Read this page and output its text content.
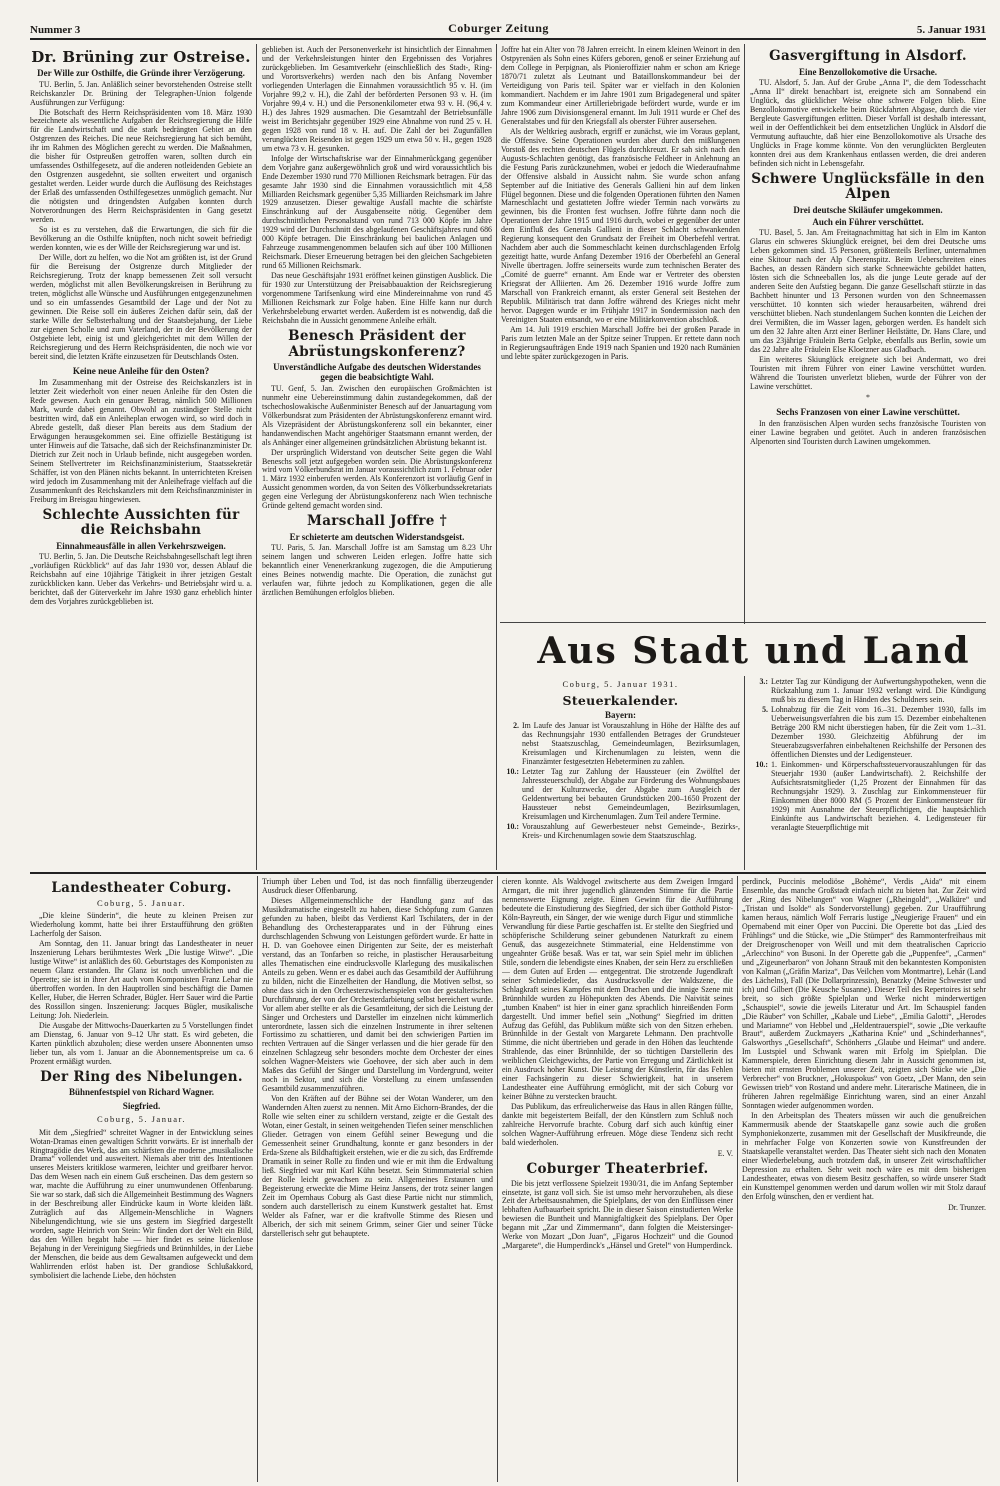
Nummer 3	Coburger Zeitung	5. Januar 1931
Dr. Brüning zur Ostreise.
Der Wille zur Osthilfe, die Gründe ihrer Verzögerung.

TU. Berlin, 5. Jan. Anläßlich seiner bevorstehenden Ostreise stellt Reichskanzler Dr. Brüning der Telegraphen-Union folgende Ausführungen zur Verfügung:

Die Botschaft des Herrn Reichspräsidenten vom 18. März 1930 bezeichnete als wesentliche Aufgaben der Reichsregierung die Hilfe für die Landwirtschaft und die stark bedrängten Gebiet an den Ostgrenzen des Reiches. Die neue Reichsregierung hat sich bemüht, ihr im Rahmen des Möglichen gerecht zu werden. Die Maßnahmen, die bisher für Ostpreußen getroffen waren, sollten durch ein umfassendes Osthilfegesetz, auf die anderen notleidenden Gebiete an den Ostgrenzen ausgedehnt, sie sollten erweitert und organisch gestaltet werden. Leider wurde durch die Auflösung des Reichstages der Erlaß des umfassenden Osthilfegesetzes unmöglich gemacht. Nur die nötigsten und dringendsten Aufgaben konnten durch Notverordnungen des Herrn Reichspräsidenten in Gang gesetzt werden.

So ist es zu verstehen, daß die Erwartungen, die sich für die Bevölkerung an die Osthilfe knüpften, noch nicht soweit befriedigt werden konnten, wie es der Wille der Reichsregierung war und ist.

Der Wille, dort zu helfen, wo die Not am größten ist, ist der Grund für die Bereisung der Ostgrenze durch Mitglieder der Reichsregierung. Trotz der knapp bemessenen Zeit soll versucht werden, möglichst mit allen Bevölkerungskreisen in Berührung zu treten, möglichst alle Wünsche und Ausführungen entgegenzunehmen und so ein umfassendes Gesamtbild der Lage und der Not zu gewinnen. Die Reise soll ein äußeres Zeichen dafür sein, daß der starke Wille der Selbsterhaltung und der Staatsbejahung, der Liebe zur eigenen Scholle und zum Vaterland, der in der Bevölkerung der Ostgebiete lebt, einig ist und gleichgerichtet mit dem Willen der Reichsregierung und des Herrn Reichspräsidenten, die noch wie vor bereit sind, die letzten Kräfte einzusetzen für Deutschlands Osten.

Keine neue Anleihe für den Osten?

Im Zusammenhang mit der Ostreise des Reichskanzlers ist in letzter Zeit wiederholt von einer neuen Anleihe für den Osten die Rede gewesen. Auch ein genauer Betrag, nämlich 500 Millionen Mark, wurde dabei genannt. Obwohl an zuständiger Stelle nicht bestritten wird, daß ein Anleiheplan erwogen wird, so wird doch in Abrede gestellt, daß dieser Plan bereits aus dem Stadium der Erwägungen herausgekommen sei. Eine offizielle Bestätigung ist unter Hinweis auf die Tatsache, daß sich der Reichsfinanzminister Dr. Dietrich zur Zeit noch in Urlaub befinde, nicht ausgegeben worden. Seinem Stellvertreter im Reichsfinanzministerium, Staatssekretär Schäffer, ist von den Plänen nichts bekannt. In unterrichteten Kreisen wird jedoch im Zusammenhang mit der Anleihefrage vielfach auf die Zusammenkunft des Reichskanzlers mit dem Reichsfinanzminister in Freiburg im Breisgau hingewiesen.

Schlechte Aussichten für die Reichsbahn
Einnahmeausfälle in allen Verkehrszweigen.

TU. Berlin, 5. Jan. Die Deutsche Reichsbahngesellschaft legt ihren „vorläufigen Rückblick“ auf das Jahr 1930 vor, dessen Ablauf die Reichsbahn auf eine 10jährige Tätigkeit in ihrer jetzigen Gestalt zurückblicken kann. Ueber das Verkehrs- und Betriebsjahr wird u. a. berichtet, daß der Güterverkehr im Jahre 1930 ganz erheblich hinter dem des Vorjahres zurückgeblieben ist.

geblieben ist. Auch der Personenverkehr ist hinsichtlich der Einnahmen und der Verkehrsleistungen hinter den Ergebnissen des Vorjahres zurückgeblieben. Im Gesamtverkehr (einschließlich des Stadt-, Ring- und Vorortsverkehrs) werden nach den bis Anfang November vorliegenden Unterlagen die Einnahmen voraussichtlich 95 v. H. (im Vorjahre 99,2 v. H.), die Zahl der beförderten Personen 93 v. H. (im Vorjahre 99,4 v. H.) und die Personenkilometer etwa 93 v. H. (96,4 v. H.) des Jahres 1929 ausmachen. Die Gesamtzahl der Betriebsunfälle weist im Berichtsjahr gegenüber 1929 eine Abnahme von rund 25 v. H. gegen 1928 von rund 18 v. H. auf. Die Zahl der bei Zugunfällen verunglückten Reisenden ist gegen 1929 um etwa 50 v. H., gegen 1928 um etwa 73 v. H. gesunken.

Infolge der Wirtschaftskrise war der Einnahmerückgang gegenüber dem Vorjahre ganz außergewöhnlich groß und wird voraussichtlich bis Ende Dezember 1930 rund 770 Millionen Reichsmark betragen. Für das gesamte Jahr 1930 sind die Einnahmen voraussichtlich mit 4,58 Milliarden Reichsmark gegenüber 5,35 Milliarden Reichsmark im Jahre 1929 anzusetzen. Dieser gewaltige Ausfall machte die schärfste Einschränkung auf der Ausgabenseite nötig. Gegenüber dem durchschnittlichen Personalstand von rund 713 000 Köpfe im Jahre 1929 wird der Durchschnitt des abgelaufenen Geschäftsjahres rund 686 000 Köpfe betragen. Die Einschränkung bei baulichen Anlagen und Fahrzeuge zusammengenommen belaufen sich auf über 100 Millionen Reichsmark. Dieser Erneuerung betragen bei den gleichen Sachgebieten rund 65 Millionen Reichsmark.

Das neue Geschäftsjahr 1931 eröffnet keinen günstigen Ausblick. Die für 1930 zur Unterstützung der Preisabbauaktion der Reichsregierung vorgenommene Tarifsenkung wird eine Mindereinnahme von rund 45 Millionen Reichsmark zur Folge haben. Eine Hilfe kann nur durch Verkehrsbelebung erwartet werden. Außerdem ist es notwendig, daß die Reichsbahn die in Aussicht genommene Anleihe erhält.

Benesch Präsident der Abrüstungskonferenz?
Unverständliche Aufgabe des deutschen Widerstandes gegen die beabsichtigte Wahl.

TU. Genf, 5. Jan. Zwischen den europäischen Großmächten ist nunmehr eine Uebereinstimmung dahin zustandegekommen, daß der tschechoslowakische Außenminister Benesch auf der Januartagung vom Völkerbundsrat zum Präsidenten der Abrüstungskonferenz ernannt wird. Als Vizepräsident der Abrüstungskonferenz soll ein bekannter, einer handanwendischen Macht angehöriger Staatsmann ernannt werden, der als Anhänger einer allgemeinen gründsätzlichen Abrüstung bekannt ist.

Der ursprünglich Widerstand von deutscher Seite gegen die Wahl Beneschs soll jetzt aufgegeben worden sein. Die Abrüstungskonferenz wird vom Völkerbundsrat im Januar voraussichtlich zum 1. Februar oder 1. März 1932 einberufen werden. Als Konferenzort ist vorläufig Genf in Aussicht genommen worden, da von Seiten des Völkerbundssekretariats gegen eine Verlegung der Abrüstungskonferenz nach Wien technische Gründe geltend gemacht worden sind.

Marschall Joffre †
Er schieterte am deutschen Widerstandsgeist.

TU. Paris, 5. Jan. Marschall Joffre ist am Samstag um 8.23 Uhr seinem langen und schweren Leiden erlegen. Joffre hatte sich bekanntlich einer Venenerkrankung zugezogen, die die Amputierung eines Beines notwendig machte. Die Operation, die zunächst gut verlaufen war, führte jedoch zu Komplikationen, gegen die alle ärztlichen Bemühungen erfolglos blieben.

Joffre hat ein Alter von 78 Jahren erreicht. In einem kleinen Weinort in den Ostpyrenäen als Sohn eines Küfers geboren, genoß er seiner Erziehung auf dem College in Perpignan, als Pionieroffizier nahm er schon am Kriege 1870/71 zuletzt als Leutnant und Bataillonskommandeur bei der Verteidigung von Paris teil. Später war er vielfach in den Kolonien kommandiert. Nachdem er im Jahre 1901 zum Brigadegeneral und später zum Kommandeur einer Artilleriebrigade befördert wurde, wurde er im Jahre 1906 zum Divisionsgeneral ernannt. Im Juli 1911 wurde er Chef des Generalstabes und für den Kriegsfall als oberster Führer ausersehen.

Als der Weltkrieg ausbrach, ergriff er zunächst, wie im Voraus geplant, die Offensive. Seine Operationen wurden aber durch den mißlungenen Vorstoß des rechten deutschen Flügels durchkreuzt. Er sah sich nach den Augusts-Schlachten genötigt, das französische Feldheer in Anlehnung an die Festung Paris zurückzunehmen, wobei er jedoch die Wiederaufnahme der Offensive alsbald in Aussicht nahm. Sie wurde schon anfang September auf die Initiative des Generals Gallieni hin auf dem linken Flügel begonnen. Diese und die folgenden Operationen führten den Namen Marneschlacht und gestatteten Joffre wieder Termin nach vorwärts zu gewinnen, bis die Fronten fest wuchsen. Joffre führte dann noch die Operationen der Jahre 1915 und 1916 durch, wobei er gegenüber der unter dem Einfluß des Generals Gallieni in dieser Schlacht schwankenden Regierung konsequent den Grundsatz der Freiheit im Oberbefehl vertrat. Nachdem aber auch die Sommeschlacht keinen durchschlagenden Erfolg gezeitigt hatte, wurde Anfang Dezember 1916 der Oberbefehl an General Nivelle übertragen. Joffre seinerseits wurde zum technischen Berater des „Comité de guerre“ ernannt. Am Ende war er Vertreter des obersten Kriegsrat der Alliierten. Am 26. Dezember 1916 wurde Joffre zum Marschall von Frankreich ernannt, als erster General seit Bestehen der Republik. Militärisch trat dann Joffre während des Krieges nicht mehr hervor. Dagegen wurde er im Frühjahr 1917 in Sondermission nach den Vereinigten Staaten entsandt, wo er eine Militärkonvention abschloß.

Am 14. Juli 1919 erschien Marschall Joffre bei der großen Parade in Paris zum letzten Male an der Spitze seiner Truppen. Er rettete dann noch in Regierungsaufträgen Ende 1919 nach Spanien und 1920 nach Rumänien und lebte später zurückgezogen in Paris.

Gasvergiftung in Alsdorf.
Eine Benzollokomotive die Ursache.

TU. Alsdorf, 5. Jan. Auf der Grube „Anna I“, die dem Todesschacht „Anna II“ direkt benachbart ist, ereignete sich am Sonnabend ein Unglück, das glücklicher Weise ohne schwere Folgen blieb. Eine Benzollokomotive entwickelte beim Rückfahrten Abgase, durch die vier Bergleute Gasvergiftungen erlitten. Dieser Vorfall ist deshalb interessant, weil in der Oeffentlichkeit bei dem entsetzlichen Unglück in Alsdorf die Vermutung auftauchte, daß hier eine Benzollokomotive als Ursache des Unglücks in Frage komme könnte. Von den verunglückten Bergleuten konnten drei aus dem Krankenhaus entlassen werden, die drei anderen befinden sich nicht in Lebensgefahr.

Schwere Unglücksfälle in den Alpen
Drei deutsche Skiläufer umgekommen.
Auch ein Führer verschüttet.

TU. Basel, 5. Jan. Am Freitagnachmittag hat sich in Elm im Kanton Glarus ein schweres Skiunglück ereignet, bei dem drei Deutsche ums Leben gekommen sind. 15 Personen, größtenteils Berliner, unternahmen eine Skitour nach der Alp Cheerenspitz. Beim Ueberschreiten eines Baches, an dessen Rändern sich starke Schneewächte gebildet hatten, lösten sich die Schneeballen los, als die junge Leute gerade auf der anderen Seite den Aufstieg begann. Die ganze Gesellschaft stürzte in das Bachbett hinunter und 13 Personen wurden von den Schneemassen verschüttet. 10 konnten sich wieder herausarbeiten, während drei verschüttet blieben. Nach stundenlangem Suchen konnten die Leichen der drei Vermißten, die im Wasser lagen, geborgen werden. Es handelt sich um den 32 Jahre alten Arzt einer Berliner Heilstätte, Dr. Hans Clare, und um das 23jährige Fräulein Berta Gelpke, ebenfalls aus Berlin, sowie um das 22 Jahre alte Fräulein Else Kloetzner aus Gladbach.

Ein weiteres Skiunglück ereignete sich bei Andermatt, wo drei Touristen mit ihrem Führer von einer Lawine verschüttet wurden. Während die Touristen unverletzt blieben, wurde der Führer von der Lawine verschüttet.

*
Sechs Franzosen von einer Lawine verschüttet.

In den französischen Alpen wurden sechs französische Touristen von einer Lawine begraben und getötet. Auch in anderen französischen Alpenorten sind Touristen durch Lawinen umgekommen.

Aus Stadt und Land
Coburg, 5. Januar 1931.
Steuerkalender.
Bayern:
2. Im Laufe des Januar ist Vorauszahlung in Höhe der Hälfte des auf das Rechnungsjahr 1930 entfallenden Betrages der Grundsteuer nebst Staatszuschlag, Gemeindeumlagen, Bezirksumlagen, Kreisumlagen und Kirchenumlagen zu leisten, wenn die Finanzämter festgesetzten Hebeterminen zu zahlen.
10.: Letzter Tag zur Zahlung der Haussteuer (ein Zwölftel der Jahressteuerschuld), der Abgabe zur Förderung des Wohnungsbaues und der Kulturzwecke, der Abgabe zum Ausgleich der Geldentwertung bei bebauten Grundstücken 200–1650 Prozent der Haussteuer nebst Gemeindeumlagen, Bezirksumlagen, Kreisumlagen und Kirchenumlagen. Zum Teil andere Termine.
10.: Vorauszahlung auf Gewerbesteuer nebst Gemeinde-, Bezirks-, Kreis- und Kirchenumlagen sowie dem Staatszuschlag.
3.: Letzter Tag zur Kündigung der Aufwertungshypotheken, wenn die Rückzahlung zum 1. Januar 1932 verlangt wird. Die Kündigung muß bis zu diesem Tag in Händen des Schuldners sein.
5. Lohnabzug für die Zeit vom 16.–31. Dezember 1930, falls im Ueberweisungsverfahren die bis zum 15. Dezember einbehaltenen Beträge 200 RM nicht überstiegen haben, für die Zeit vom 1.–31. Dezember 1930. Gleichzeitig Abführung der im Steuerabzugsverfahren einbehaltenen Reichshilfe der Personen des öffentlichen Dienstes und der Ledigensteuer.
10.: 1. Einkommen- und Körperschaftssteuervorauszahlungen für das Steuerjahr 1930 (außer Landwirtschaft). 2. Reichshilfe der Aufsichtsratsmitglieder (1,25 Prozent der Einnahmen für das Rechnungsjahr 1929). 3. Zuschlag zur Einkommensteuer für Einkommen über 8000 RM (5 Prozent der Einkommensteuer für 1929) mit Ausnahme der Steuerpflichtigen, die hauptsächlich Einkünfte aus Landwirtschaft beziehen. 4. Ledigensteuer für veranlagte Steuerpflichtige mit
Landestheater Coburg.
Coburg, 5. Januar.

„Die kleine Sünderin“, die heute zu kleinen Preisen zur Wiederholung kommt, hatte bei ihrer Erstaufführung den größten Lacherfolg der Saison.

Am Sonntag, den 11. Januar bringt das Landestheater in neuer Inszenierung Lehars berühmtestes Werk „Die lustige Witwe“. „Die lustige Witwe“ ist anläßlich des 60. Geburtstages des Komponisten zu neuem Glanz erstanden. Ihr Glanz ist noch unverblichen und die Operette; sie ist in ihrer Art auch vom Komponisten Franz Lehar nie übertroffen worden. In den Hauptrollen sind beschäftigt die Damen Keller, Huber, die Herren Schrader, Bügler. Herr Sauer wird die Partie des Rossillon singen. Inszenierung: Jacques Bügler, musikalische Leitung: Joh. Niederlein.

Die Ausgabe der Mittwochs-Dauerkarten zu 5 Vorstellungen findet am Dienstag, 6. Januar von 9–12 Uhr statt. Es wird gebeten, die Karten pünktlich abzuholen; diese werden unsere Abonnenten umso lieber tun, als vom 1. Januar an die Abonnementspreise um ca. 6 Prozent ermäßigt wurden.

Der Ring des Nibelungen.
Bühnenfestspiel von Richard Wagner.
Siegfried.
Coburg, 5. Januar.

Mit dem „Siegfried“ schreitet Wagner in der Entwicklung seines Wotan-Dramas einen gewaltigen Schritt vorwärts. Er ist innerhalb der Ringtragödie des Werk, das am schärfsten die moderne „musikalische Drama“ vollendet und ausweitert. Niemals aber tritt des Intentionen unseres Meisters kritiklose warmeren, leichter und greifbarer hervor. Das dem Wesen nach ein einem Guß erscheinen. Das dem gestern so war, machte die Aufführung zu einer unumwundenen Offenbarung. Sie war so stark, daß sich die Allgemeinheit Bestimmung des Wagners in der Beschreibung aller Eindrücke kaum in Worte kleiden läßt. Zuträglich auf das Allgemein-Menschliche in Wagners Nibelungendichtung, wie sie uns gestern im Siegfried dargestellt worden, sagte Heinrich von Stein: Wir finden dort der Welt ein Bild, das den Willen begabt habe — hier findet es seine lückenlose Bejahung in der Vereinigung Siegfrieds und Brünnhildes, in der Liebe der Menschen, die beide aus dem Gewaltsamen aufgeweckt und dem Wahlirrenden erlöst haben ist. Der grandiose Schlußakkord, symbolisiert die lachende Liebe, den höchsten

Triumph über Leben und Tod, ist das noch finnfällig überzeugender Ausdruck dieser Offenbarung.

Dieses Allgemeinmenschliche der Handlung ganz auf das Musikdramatische eingestellt zu haben, diese Schöpfung zum Ganzen gefunden zu haben, bleibt das Verdienst Karl Tschilaters, der in der Behandlung des Orchesterapparates und in der Führung eines durchschlagenden Schwung von Leistungen gefördert wurde. Er hatte in H. D. van Goehovee einen Dirigenten zur Seite, der es meisterhaft verstand, das an Tonfarben so reiche, in plastischer Herausarbeitung alles Thematischen eine eindrucksvolle Klarlegung des musikalischen Anteils zu geben. Wenn er es dabei auch das Gesamtbild der Aufführung zu bilden, nicht die Einzelheiten der Handlung, die Motiven selbst, so ohne dass sich in den Orchesterzwischenspielen von der gestalterischen Durchführung, der von der Orchesterdarbietung selbst bereichert wurde. Vor allem aber stellte er als die Gesamtleitung, der sich die Leistung der Sänger und Orchesters und Darsteller im einzelnen nicht kümmerlich unterordnete, lassen sich die einzelnen Instrumente in ihrer seltenen Fortissimo zu schattieren, und damit bei den schwierigen Partien im rechten Vertrauen auf die Sänger verlassen und die hier gerade für den einzelnen Schlagzeug sehr besonders mochte dem Orchester der eines solchen Wagner-Meisters wie Goehovee, der sich aber auch in dem Maßes das Gefühl der Sänger und Darstellung im Vordergrund, weiter noch in Sektor, und sich die Vorstellung zu einem umfassenden Gesamtbild zusammenzuführen.

Von den Kräften auf der Bühne sei der Wotan Wanderer, um den Wandernden Alten zuerst zu nennen. Mit Arno Eichorn-Brandes, der die Rolle wie selten einer zu schildern verstand, zeigte er die Gestalt des Wotan, einer Gestalt, in seinen weitgehenden Tiefen seiner menschlichen Glieder. Getragen von einem Gefühl seiner Bewegung und die Gemessenheit seiner Grundhaltung, konnte er ganz besonders in der Erda-Szene als Bildhaftigkeit erstehen, wie er die zu sich, das Erdfremde Dramatik in seiner Rolle zu finden und wie er mit ihm die Erdwaltung ließ. Siegfried war mit Karl Kühn besetzt. Sein Stimmmaterial schien der Rolle leicht gewachsen zu sein. Allgemeines Erstaunen und Begeisterung erweckte die Mime Heinz Jansens, der trotz seiner langen Zeit im Opernhaus Coburg als Gast diese Partie nicht nur stimmlich, sondern auch darstellerisch zu einem Kunstwerk gestaltet hat. Ernst Welder als Fafner, war er die kraftvolle Stimme des Riesen und Alberich, der sich mit seinem Grimm, seiner Gier und seiner Tücke darstellerisch sehr gut behauptete.

cieren konnte. Als Waldvogel zwitscherte aus dem Zweigen Irmgard Armgart, die mit ihrer jugendlich glänzenden Stimme für die Partie nennenswerte Eignung zeigte. Einen Gewinn für die Aufführung bedeutete die Einstudierung des Siegfried, der sich über Gotthold Pistor-Köln-Bayreuth, ein Sänger, der wie wenige durch Figur und stimmliche Verwandlung für diese Partie geschaffen ist. Er stellte den Siegfried und schöpferische Schilderung seiner gebundenen Naturkraft zu einem Genuß, das ausgezeichnete Stimmaterial, eine Heldenstimme von ungeahnter Größe besaß. Was er tat, war sein Spiel mehr im üblichen Stile, sondern die lebendigste eines Knaben, der sein Herz zu erschließen — dem Guten auf Erden — entgegentrat. Die strotzende Jugendkraft seiner Schmiedelieder, das Ausdrucksvolle der Waldszene, die Schlagkraft seines Kampfes mit dem Drachen und die innige Szene mit Brünnhilde wurden zu Höhepunkten des Abends. Die Naivität seines „tumben Knaben“ ist hier in einer ganz sprachlich hinreißenden Form dargestellt. Und immer befiel sein „Nothung“ Siegfried im dritten Aufzug das Gefühl, das Publikum müßte sich von den Sitzen erheben. Brünnhilde in der Gestalt von Margarete Lehmann. Den prachtvolle Stimme, die nicht übertrieben und gerade in den Höhen das leuchtende Strahlende, das einer Brünnhilde, der so tüchtigen Darstellerin des weiblichen Gleichgewichts, der Partie von Erregung und Zärtlichkeit ist ein Ausdruck hoher Kunst. Die Leistung der Künstlerin, für das Fehlen einer Fachsängerin zu dieser Schwierigkeit, hat in unserem Landestheater eine Aufführung ermöglicht, mit der sich Coburg vor keiner Bühne zu verstecken braucht.

Das Publikum, das erfreulicherweise das Haus in allen Rängen füllte, dankte mit begeistertem Beifall, der den Künstlern zum Schluß noch zahlreiche Hervorrufe brachte. Coburg darf sich auch künftig einer solchen Wagner-Aufführung erfreuen. Möge diese Tendenz sich recht bald wiederholen.

E. V.
Coburger Theaterbrief.

Die bis jetzt verflossene Spielzeit 1930/31, die im Anfang September einsetzte, ist ganz voll sich. Sie ist umso mehr hervorzuheben, als diese Zeit der Arbeitsausnahmen, die Spielplans, der von den Einflüssen einer lebhaften Aufbauarbeit spricht. Die in dieser Saison einstudierten Werke bewiesen die Buntheit und Mannigfaltigkeit des Spielplans. Der Oper begann mit „Zar und Zimmermann“, dann folgten die Meistersinger-Werke von Mozart „Don Juan“, „Figaros Hochzeit“ und die Gounod „Margarete“, die Humperdinck's „Hänsel und Gretel“ von Humperdinck.

perdinck, Puccinis melodiöse „Bohème“, Verdis „Aida“ mit einem Ensemble, das manche Großstadt einfach nicht zu bieten hat. Zur Zeit wird der „Ring des Nibelungen“ von Wagner („Rheingold“, „Walküre“ und „Tristan und Isolde“ als Sondervorstellung) gegeben. Zur Uraufführung kamen heraus, nämlich Wolf Ferraris lustige „Neugierige Frauen“ und ein Opernabend mit einer Oper von Puccini. Die Operette bot das „Lied des Frühlings“ und die Stücke, wie „Die Stümper“ des Rammonterfreihaus mit der Dreigroschenoper von Weill und mit dem theatralischen Capriccio „Arlecchino“ von Busoni. In der Operette gab die „Puppenfee“, „Carmen“ und „Zigeunerbaron“ von Johann Strauß mit den bekanntesten Komponisten von Kalman („Gräfin Mariza“, Das Veilchen vom Montmartre), Lehár (Land des Lächelns), Fall (Die Dollarprinzessin), Benatzky (Meine Schwester und ich) und Gilbert (Die Keusche Susanne). Dieser Teil des Repertoires ist sehr breit, so sich größte Spielplan und Werke nicht minderwertigen „Schauspiel“, sowie die jeweils Literatur und Art. Im Schauspiel fanden „Die Räuber“ von Schiller, „Kabale und Liebe“, „Emilia Galotti“, „Herodes und Mariamne“ von Hebbel und „Heldentrauerspiel“, sowie „Die verkaufte Braut“, außerdem Zuckmayers „Katharina Knie“ und „Schinderhannes“, Galsworthys „Gesellschaft“, Schönherrs „Glaube und Heimat“ und andere. Im Lustspiel und Schwank waren mit Erfolg im Spielplan. Die Kammerspiele, deren Einrichtung diesem Jahr in Aussicht genommen ist, bieten mit ernsten Problemen unserer Zeit, zeigten sich Stücke wie „Die Verbrecher“ von Bruckner, „Hokuspokus“ von Goetz, „Der Mann, den sein Gewissen trieb“ von Rostand und andere mehr. Literarische Matineen, die in früheren Jahren regelmäßige Einrichtung waren, sind an einer Anzahl Sonntagen wieder aufgenommen worden.

In den Arbeitsplan des Theaters müssen wir auch die genußreichen Kammermusik abende der Staatskapelle ganz sowie auch die großen Symphoniekonzerte, zusammen mit der Gesellschaft der Musikfreunde, die in mehrfacher Folge von Konzerten sowie von Kunstfreunden der Staatskapelle veranstaltet werden. Das Theater sieht sich nach den Monaten einer Wiederbelebung, auch trotzdem daß, in unserer Zeit wirtschaftlicher Depression zu erhalten. Sehr weit noch wäre es mit dem bisherigen Landestheater, etwas von diesem Besitz geschaffen, so würde unserer Stadt ein Kunsttempel genommen werden und darum wollen wir mit Stolz darauf den Erfolg wünschen, den er verdient hat.

Dr. Trunzer.
